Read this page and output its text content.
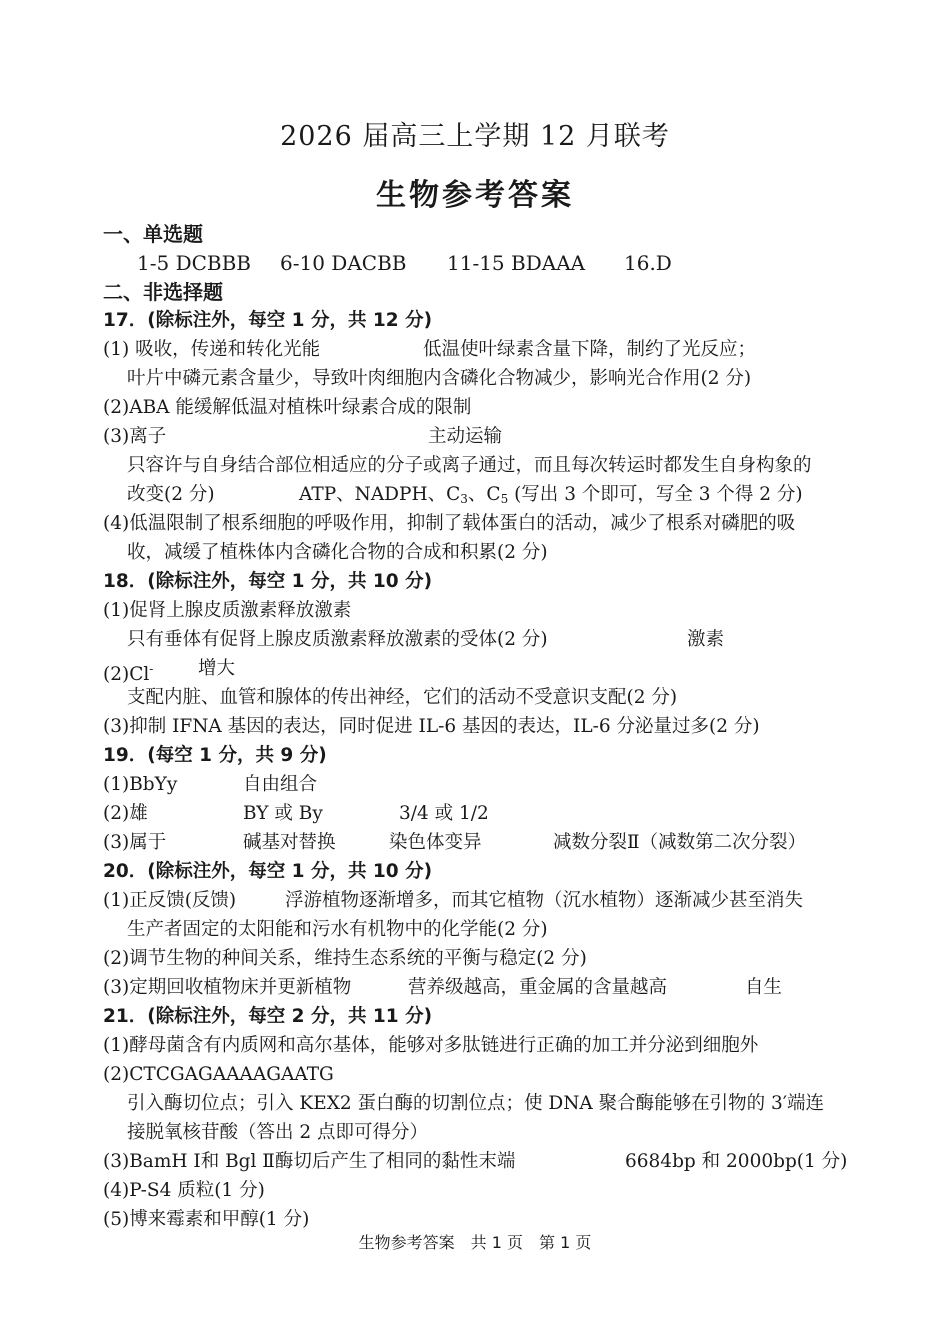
2026 届高三上学期 12 月联考
生物参考答案
一、单选题
1-5 DCBBB 6-10 DACBB 11-15 BDAAA 16.D
二、非选择题
17．(除标注外，每空 1 分，共 12 分)
(1) 吸收，传递和转化光能	低温使叶绿素含量下降，制约了光反应；
叶片中磷元素含量少，导致叶肉细胞内含磷化合物减少，影响光合作用(2 分)
(2)ABA 能缓解低温对植株叶绿素合成的限制
(3)离子	主动运输
只容许与自身结合部位相适应的分子或离子通过，而且每次转运时都发生自身构象的
改变(2 分)	ATP、NADPH、$C_3$、$C_5$ (写出 3 个即可，写全 3 个得 2 分)
(4)低温限制了根系细胞的呼吸作用，抑制了载体蛋白的活动，减少了根系对磷肥的吸
收，减缓了植株体内含磷化合物的合成和积累(2 分)
18．(除标注外，每空 1 分，共 10 分)
(1)促肾上腺皮质激素释放激素
只有垂体有促肾上腺皮质激素释放激素的受体(2 分)	激素
(2)Cl- 增大
支配内脏、血管和腺体的传出神经，它们的活动不受意识支配(2 分)
(3)抑制 IFNA 基因的表达，同时促进 IL-6 基因的表达，IL-6 分泌量过多(2 分)
19．(每空 1 分，共 9 分)
(1)BbYy	自由组合
(2)雄	BY 或 By	3/4 或 1/2
(3)属于	碱基对替换	染色体变异	减数分裂Ⅱ（减数第二次分裂）
20．(除标注外，每空 1 分，共 10 分)
(1)正反馈(反馈)	浮游植物逐渐增多，而其它植物（沉水植物）逐渐减少甚至消失
生产者固定的太阳能和污水有机物中的化学能(2 分)
(2)调节生物的种间关系，维持生态系统的平衡与稳定(2 分)
(3)定期回收植物床并更新植物	营养级越高，重金属的含量越高	自生
21．(除标注外，每空 2 分，共 11 分)
(1)酵母菌含有内质网和高尔基体，能够对多肽链进行正确的加工并分泌到细胞外
(2)CTCGAGAAAAGAATG
引入酶切位点；引入 KEX2 蛋白酶的切割位点；使 DNA 聚合酶能够在引物的 3′端连
接脱氧核苷酸（答出 2 点即可得分）
(3)BamH Ⅰ和 Bgl Ⅱ酶切后产生了相同的黏性末端	6684bp 和 2000bp(1 分)
(4)P-S4 质粒(1 分)
(5)博来霉素和甲醇(1 分)
生物参考答案　共 1 页　第 1 页
